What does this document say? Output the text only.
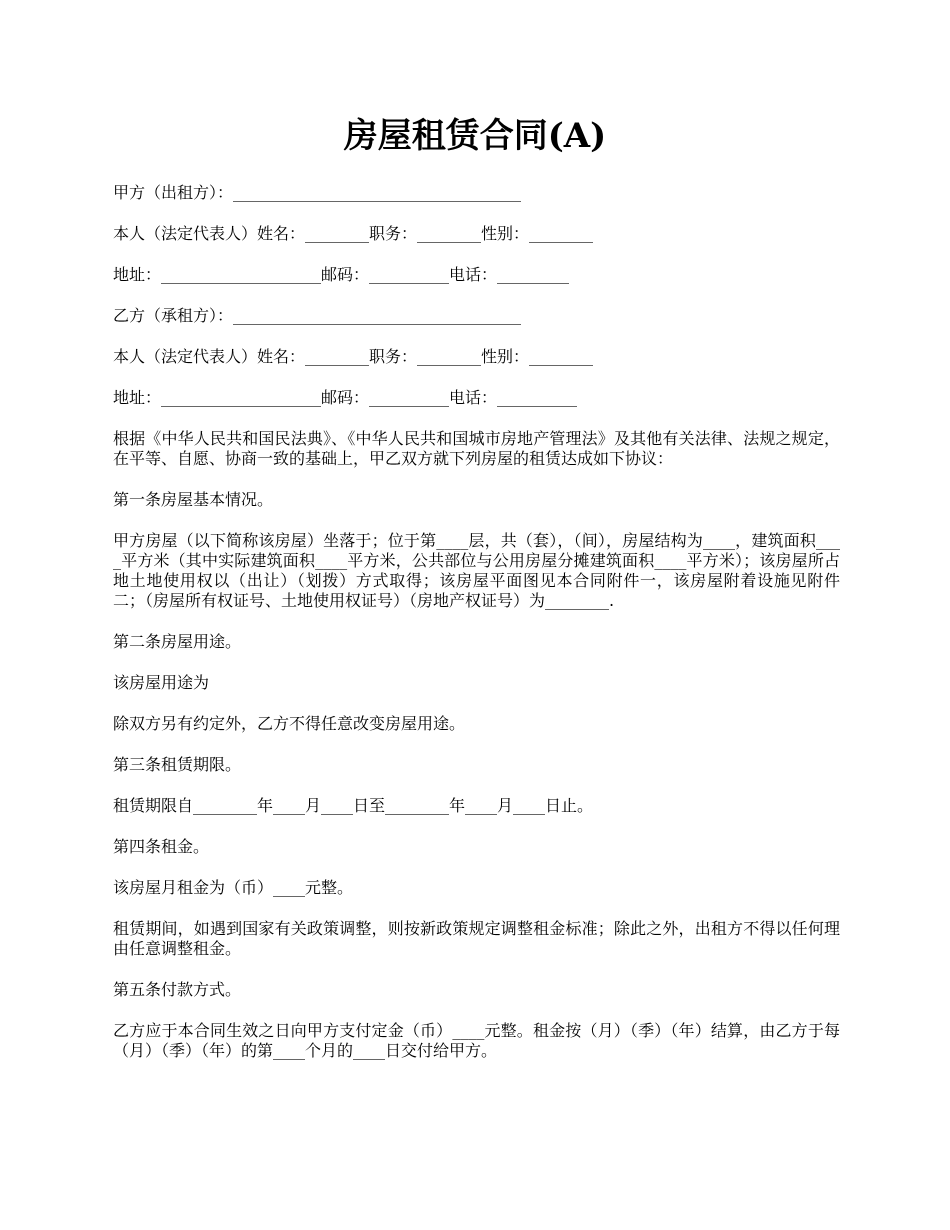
房屋租赁合同(A)

甲方（出租方）：____________________________________

本人（法定代表人）姓名：________职务：________性别：________

地址：____________________邮码：__________电话：_________

乙方（承租方）：____________________________________

本人（法定代表人）姓名：________职务：________性别：________

地址：____________________邮码：__________电话：__________

根据《中华人民共和国民法典》、《中华人民共和国城市房地产管理法》及其他有关法律、法规之规定，在平等、自愿、协商一致的基础上，甲乙双方就下列房屋的租赁达成如下协议：

第一条房屋基本情况。

甲方房屋（以下简称该房屋）坐落于；位于第____层，共（套），（间），房屋结构为____，建筑面积____平方米（其中实际建筑面积____平方米，公共部位与公用房屋分摊建筑面积____平方米）；该房屋所占地土地使用权以（出让）（划拨）方式取得；该房屋平面图见本合同附件一，该房屋附着设施见附件二；（房屋所有权证号、土地使用权证号）（房地产权证号）为________.

第二条房屋用途。

该房屋用途为

除双方另有约定外，乙方不得任意改变房屋用途。

第三条租赁期限。

租赁期限自________年____月____日至________年____月____日止。

第四条租金。

该房屋月租金为（币）____元整。

租赁期间，如遇到国家有关政策调整，则按新政策规定调整租金标准；除此之外，出租方不得以任何理由任意调整租金。

第五条付款方式。

乙方应于本合同生效之日向甲方支付定金（币）____元整。租金按（月）（季）（年）结算，由乙方于每（月）（季）（年）的第____个月的____日交付给甲方。
